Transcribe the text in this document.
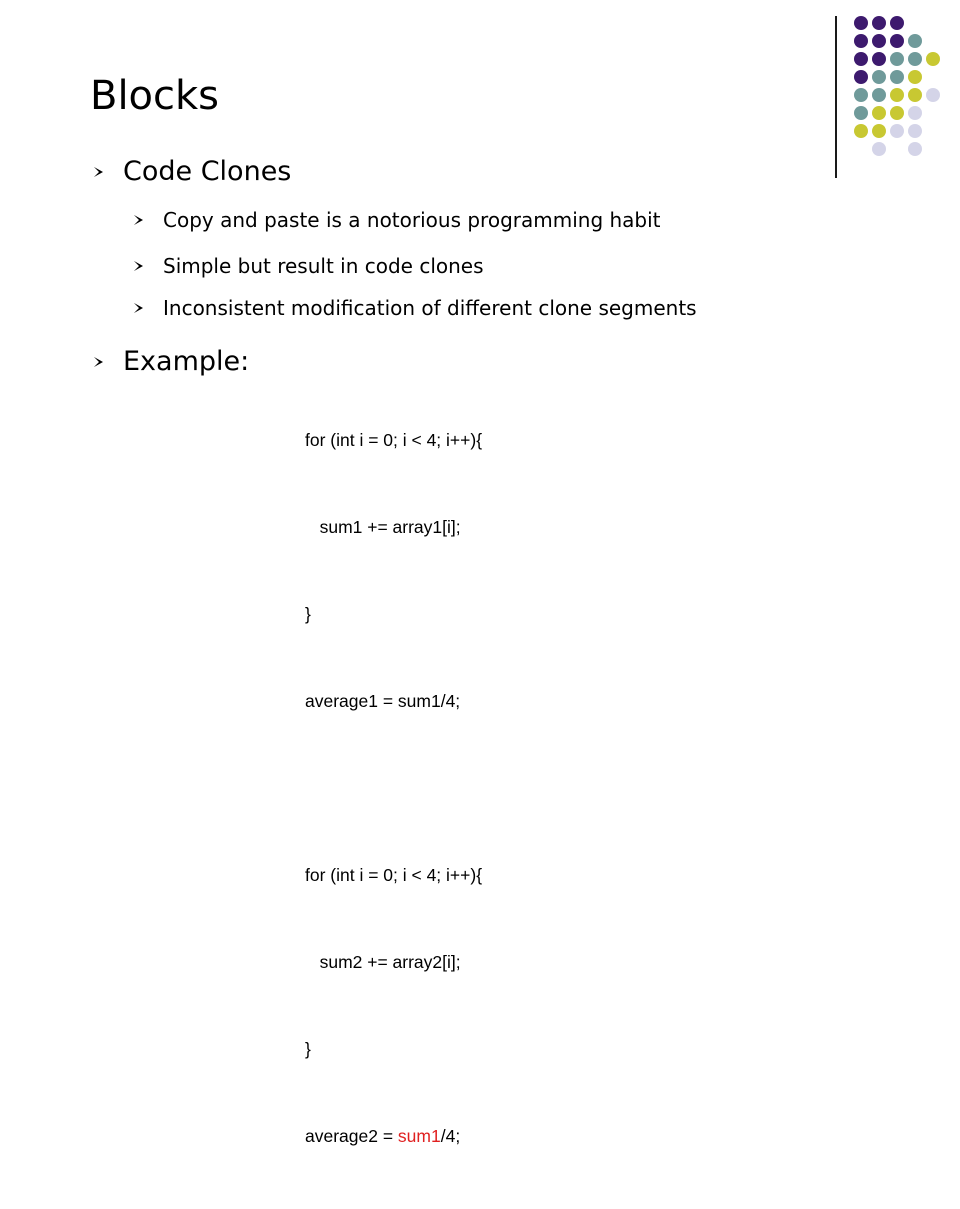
Blocks
Code Clones
Copy and paste is a notorious programming habit
Simple but result in code clones
Inconsistent modification of different clone segments
Example:

for (int i = 0; i < 4; i++){

sum1 += array1[i];

}

average1 = sum1/4;

for (int i = 0; i < 4; i++){

sum2 += array2[i];

}

average2 = sum1/4;
